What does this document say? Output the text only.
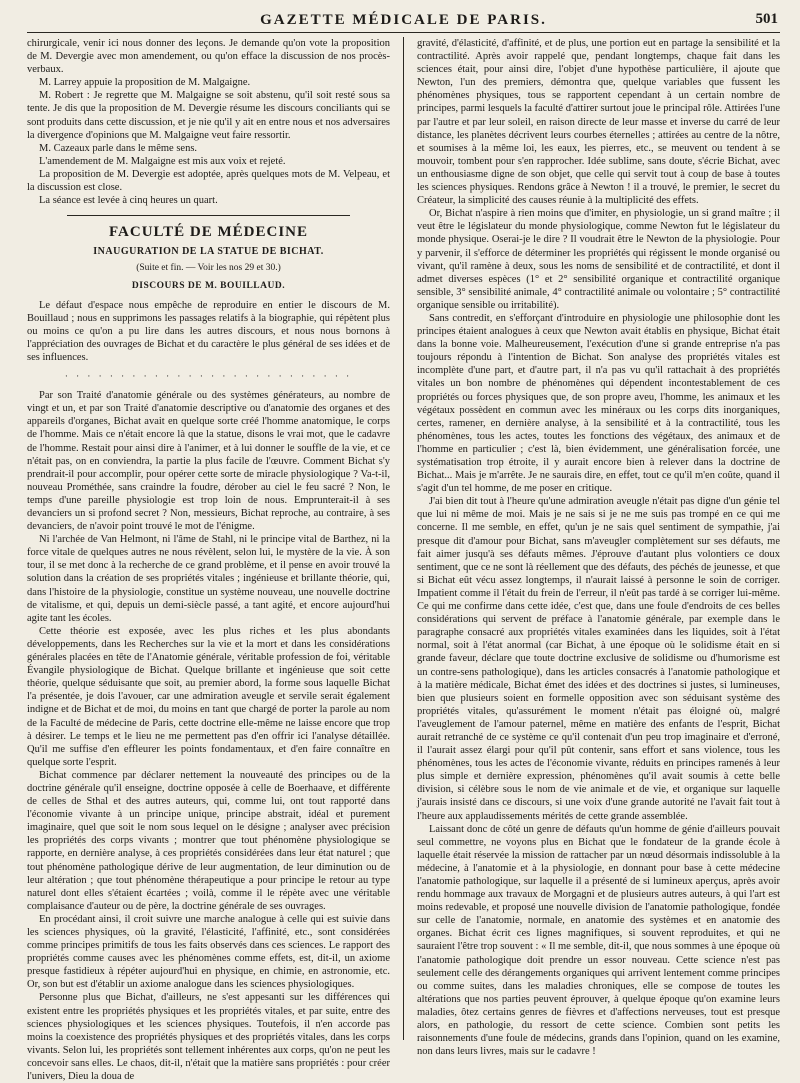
GAZETTE MÉDICALE DE PARIS.	501

chirurgicale, venir ici nous donner des leçons. Je demande qu'on vote la proposition de M. Devergie avec mon amendement, ou qu'on efface la discussion de nos procès-verbaux.

M. Larrey appuie la proposition de M. Malgaigne.

M. Robert : Je regrette que M. Malgaigne se soit abstenu, qu'il soit resté sous sa tente. Je dis que la proposition de M. Devergie résume les discours conciliants qui se sont produits dans cette discussion, et je nie qu'il y ait en entre nous et nos adversaires la divergence d'opinions que M. Malgaigne veut faire ressortir.

M. Cazeaux parle dans le même sens.

L'amendement de M. Malgaigne est mis aux voix et rejeté.

La proposition de M. Devergie est adoptée, après quelques mots de M. Velpeau, et la discussion est close.

La séance est levée à cinq heures un quart.

FACULTÉ DE MÉDECINE
INAUGURATION DE LA STATUE DE BICHAT.
(Suite et fin. — Voir les nos 29 et 30.)
DISCOURS DE M. BOUILLAUD.

Le défaut d'espace nous empêche de reproduire en entier le discours de M. Bouillaud ; nous en supprimons les passages relatifs à la biographie, qui répètent plus ou moins ce qu'on a pu lire dans les autres discours, et nous nous bornons à l'appréciation des ouvrages de Bichat et du caractère le plus général de ses idées et de ses influences.

· · · · · · · · · · · · · · · · · · · · · · · · · ·

Par son Traité d'anatomie générale ou des systèmes générateurs, au nombre de vingt et un, et par son Traité d'anatomie descriptive ou d'anatomie des organes et des appareils d'organes, Bichat avait en quelque sorte créé l'homme anatomique, le corps de l'homme. Mais ce n'était encore là que la statue, disons le vrai mot, que le cadavre de l'homme. Restait pour ainsi dire à l'animer, et à lui donner le souffle de la vie, et ce n'était pas, on en conviendra, la partie la plus facile de l'œuvre. Comment Bichat s'y prendrait-il pour accomplir, pour opérer cette sorte de miracle physiologique ? Va-t-il, nouveau Prométhée, sans craindre la foudre, dérober au ciel le feu sacré ? Non, le temps d'une pareille physiologie est trop loin de nous. Emprunterait-il à ses devanciers un si profond secret ? Non, messieurs, Bichat reproche, au contraire, à ses devanciers, de n'avoir point trouvé le mot de l'énigme.

Ni l'archée de Van Helmont, ni l'âme de Stahl, ni le principe vital de Barthez, ni la force vitale de quelques autres ne nous révèlent, selon lui, le mystère de la vie. À son tour, il se met donc à la recherche de ce grand problème, et il pense en avoir trouvé la solution dans la création de ses propriétés vitales ; ingénieuse et brillante théorie, qui, dans l'histoire de la physiologie, constitue un système nouveau, une nouvelle doctrine de vitalisme, et qui, depuis un demi-siècle passé, a tant agité, et encore aujourd'hui agite tant les écoles.

Cette théorie est exposée, avec les plus riches et les plus abondants développements, dans les Recherches sur la vie et la mort et dans les considérations générales placées en tête de l'Anatomie générale, véritable profession de foi, véritable Évangile physiologique de Bichat. Quelque brillante et ingénieuse que soit cette théorie, quelque séduisante que soit, au premier abord, la forme sous laquelle Bichat l'a présentée, je dois l'avouer, car une admiration aveugle et servile serait également indigne et de Bichat et de moi, du moins en tant que chargé de porter la parole au nom de la Faculté de médecine de Paris, cette doctrine elle-même ne laisse encore que trop à désirer. Le temps et le lieu ne me permettent pas d'en offrir ici l'analyse détaillée. Qu'il me suffise d'en effleurer les points fondamentaux, et d'en faire connaître en quelque sorte l'esprit.

Bichat commence par déclarer nettement la nouveauté des principes ou de la doctrine générale qu'il enseigne, doctrine opposée à celle de Boerhaave, et différente de celles de Sthal et des autres auteurs, qui, comme lui, ont tout rapporté dans l'économie vivante à un principe unique, principe abstrait, idéal et purement imaginaire, quel que soit le nom sous lequel on le désigne ; analyser avec précision les propriétés des corps vivants ; montrer que tout phénomène physiologique se rapporte, en dernière analyse, à ces propriétés considérées dans leur état naturel ; que tout phénomène pathologique dérive de leur augmentation, de leur diminution ou de leur altération ; que tout phénomène thérapeutique a pour principe le retour au type naturel dont elles s'étaient écartées ; voilà, comme il le répète avec une véritable complaisance d'auteur ou de père, la doctrine générale de ses ouvrages.

En procédant ainsi, il croit suivre une marche analogue à celle qui est suivie dans les sciences physiques, où la gravité, l'élasticité, l'affinité, etc., sont considérées comme principes primitifs de tous les faits observés dans ces sciences. Le rapport des propriétés comme causes avec les phénomènes comme effets, est, dit-il, un axiome presque fastidieux à répéter aujourd'hui en physique, en chimie, en astronomie, etc. Or, son but est d'établir un axiome analogue dans les sciences physiologiques.

Personne plus que Bichat, d'ailleurs, ne s'est appesanti sur les différences qui existent entre les propriétés physiques et les propriétés vitales, et par suite, entre des sciences physiologiques et les sciences physiques. Toutefois, il n'en accorde pas moins la coexistence des propriétés physiques et des propriétés vitales, dans les corps vivants. Selon lui, les propriétés sont tellement inhérentes aux corps, qu'on ne peut les concevoir sans elles. Le chaos, dit-il, n'était que la matière sans propriétés : pour créer l'univers, Dieu la doua de

gravité, d'élasticité, d'affinité, et de plus, une portion eut en partage la sensibilité et la contractilité. Après avoir rappelé que, pendant longtemps, chaque fait dans les sciences était, pour ainsi dire, l'objet d'une hypothèse particulière, il ajoute que Newton, l'un des premiers, démontra que, quelque variables que fussent les phénomènes physiques, tous se rapportent cependant à un certain nombre de principes, parmi lesquels la faculté d'attirer surtout joue le principal rôle. Attirées l'une par l'autre et par leur soleil, en raison directe de leur masse et inverse du carré de leur distance, les planètes décrivent leurs courbes éternelles ; attirées au centre de la nôtre, et soumises à la même loi, les eaux, les pierres, etc., se meuvent ou tendent à se mouvoir, tombent pour s'en rapprocher. Idée sublime, sans doute, s'écrie Bichat, avec un enthousiasme digne de son objet, que celle qui servit tout à coup de base à toutes les sciences physiques. Rendons grâce à Newton ! il a trouvé, le premier, le secret du Créateur, la simplicité des causes réunie à la multiplicité des effets.

Or, Bichat n'aspire à rien moins que d'imiter, en physiologie, un si grand maître ; il veut être le législateur du monde physiologique, comme Newton fut le législateur du monde physique. Oserai-je le dire ? Il voudrait être le Newton de la physiologie. Pour y parvenir, il s'efforce de déterminer les propriétés qui régissent le monde organisé ou vivant, qu'il ramène à deux, sous les noms de sensibilité et de contractilité, et dont il admet diverses espèces (1° et 2° sensibilité organique et contractilité organique sensible, 3° sensibilité animale, 4° contractilité animale ou volontaire ; 5° contractilité organique sensible ou irritabilité).

Sans contredit, en s'efforçant d'introduire en physiologie une philosophie dont les principes étaient analogues à ceux que Newton avait établis en physique, Bichat était dans la bonne voie. Malheureusement, l'exécution d'une si grande entreprise n'a pas toujours répondu à l'intention de Bichat. Son analyse des propriétés vitales est incomplète d'une part, et d'autre part, il n'a pas vu qu'il rattachait à des propriétés vitales un bon nombre de phénomènes qui dépendent incontestablement de ces propriétés ou forces physiques que, de son propre aveu, l'homme, les animaux et les végétaux possèdent en commun avec les minéraux ou les corps dits inorganiques, certes, ramener, en dernière analyse, à la sensibilité et à la contractilité, tous les phénomènes, tous les actes, toutes les fonctions des végétaux, des animaux et de l'homme en particulier ; c'est là, bien évidemment, une généralisation forcée, une systématisation trop étroite, il y aurait encore bien à relever dans la doctrine de Bichat... Mais je m'arrête. Je ne saurais dire, en effet, tout ce qu'il m'en coûte, quand il s'agit d'un tel homme, de me poser en critique.

J'ai bien dit tout à l'heure qu'une admiration aveugle n'était pas digne d'un génie tel que lui ni même de moi. Mais je ne sais si je ne me suis pas trompé en ce qui me concerne. Il me semble, en effet, qu'un je ne sais quel sentiment de sympathie, j'ai presque dit d'amour pour Bichat, sans m'aveugler complètement sur ses défauts, me fait aimer jusqu'à ses défauts mêmes. J'éprouve d'autant plus volontiers ce doux sentiment, que ce ne sont là réellement que des défauts, des péchés de jeunesse, et que si Bichat eût vécu assez longtemps, il n'aurait laissé à personne le soin de corriger. Impatient comme il l'était du frein de l'erreur, il n'eût pas tardé à se corriger lui-même. Ce qui me confirme dans cette idée, c'est que, dans une foule d'endroits de ces belles considérations qui servent de préface à l'anatomie générale, par exemple dans le paragraphe consacré aux propriétés vitales examinées dans les liquides, soit à l'état normal, soit à l'état anormal (car Bichat, à une époque où le solidisme était en si grande faveur, déclare que toute doctrine exclusive de solidisme ou d'humorisme est un contre-sens pathologique), dans les articles consacrés à l'anatomie pathologique et à la matière médicale, Bichat émet des idées et des doctrines si justes, si lumineuses, bien que plusieurs soient en formelle opposition avec son séduisant système des propriétés vitales, qu'assurément le moment n'était pas éloigné où, malgré l'aveuglement de l'amour paternel, même en matière des enfants de l'esprit, Bichat aurait retranché de ce système ce qu'il contenait d'un peu trop imaginaire et d'erroné, il l'aurait assez élargi pour qu'il pût contenir, sans effort et sans violence, tous les phénomènes, tous les actes de l'économie vivante, réduits en principes ramenés à leur plus simple et dernière expression, phénomènes qu'il avait soumis à cette belle division, si célèbre sous le nom de vie animale et de vie, et organique sur laquelle j'aurais insisté dans ce discours, si une voix d'une grande autorité ne l'avait fait tout à l'heure aux applaudissements mérités de cette grande assemblée.

Laissant donc de côté un genre de défauts qu'un homme de génie d'ailleurs pouvait seul commettre, ne voyons plus en Bichat que le fondateur de la grande école à laquelle était réservée la mission de rattacher par un nœud désormais indissoluble à la médecine, à l'anatomie et à la physiologie, en donnant pour base à cette médecine l'anatomie pathologique, sur laquelle il a présenté de si lumineux aperçus, après avoir rendu hommage aux travaux de Morgagni et de plusieurs autres auteurs, à qui l'art est moins redevable, et proposé une nouvelle division de l'anatomie pathologique, fondée sur celle de l'anatomie, normale, en anatomie des systèmes et en anatomie des organes. Bichat écrit ces lignes magnifiques, si souvent reproduites, et qui ne sauraient l'être trop souvent : « Il me semble, dit-il, que nous sommes à une époque où l'anatomie pathologique doit prendre un essor nouveau. Cette science n'est pas seulement celle des dérangements organiques qui arrivent lentement comme principes ou comme suites, dans les maladies chroniques, elle se compose de toutes les altérations que nos parties peuvent éprouver, à quelque époque qu'on examine leurs maladies, ôtez certains genres de fièvres et d'affections nerveuses, tout est presque alors, en pathologie, du ressort de cette science. Combien sont petits les raisonnements d'une foule de médecins, grands dans l'opinion, quand on les examine, non dans leurs livres, mais sur le cadavre !
